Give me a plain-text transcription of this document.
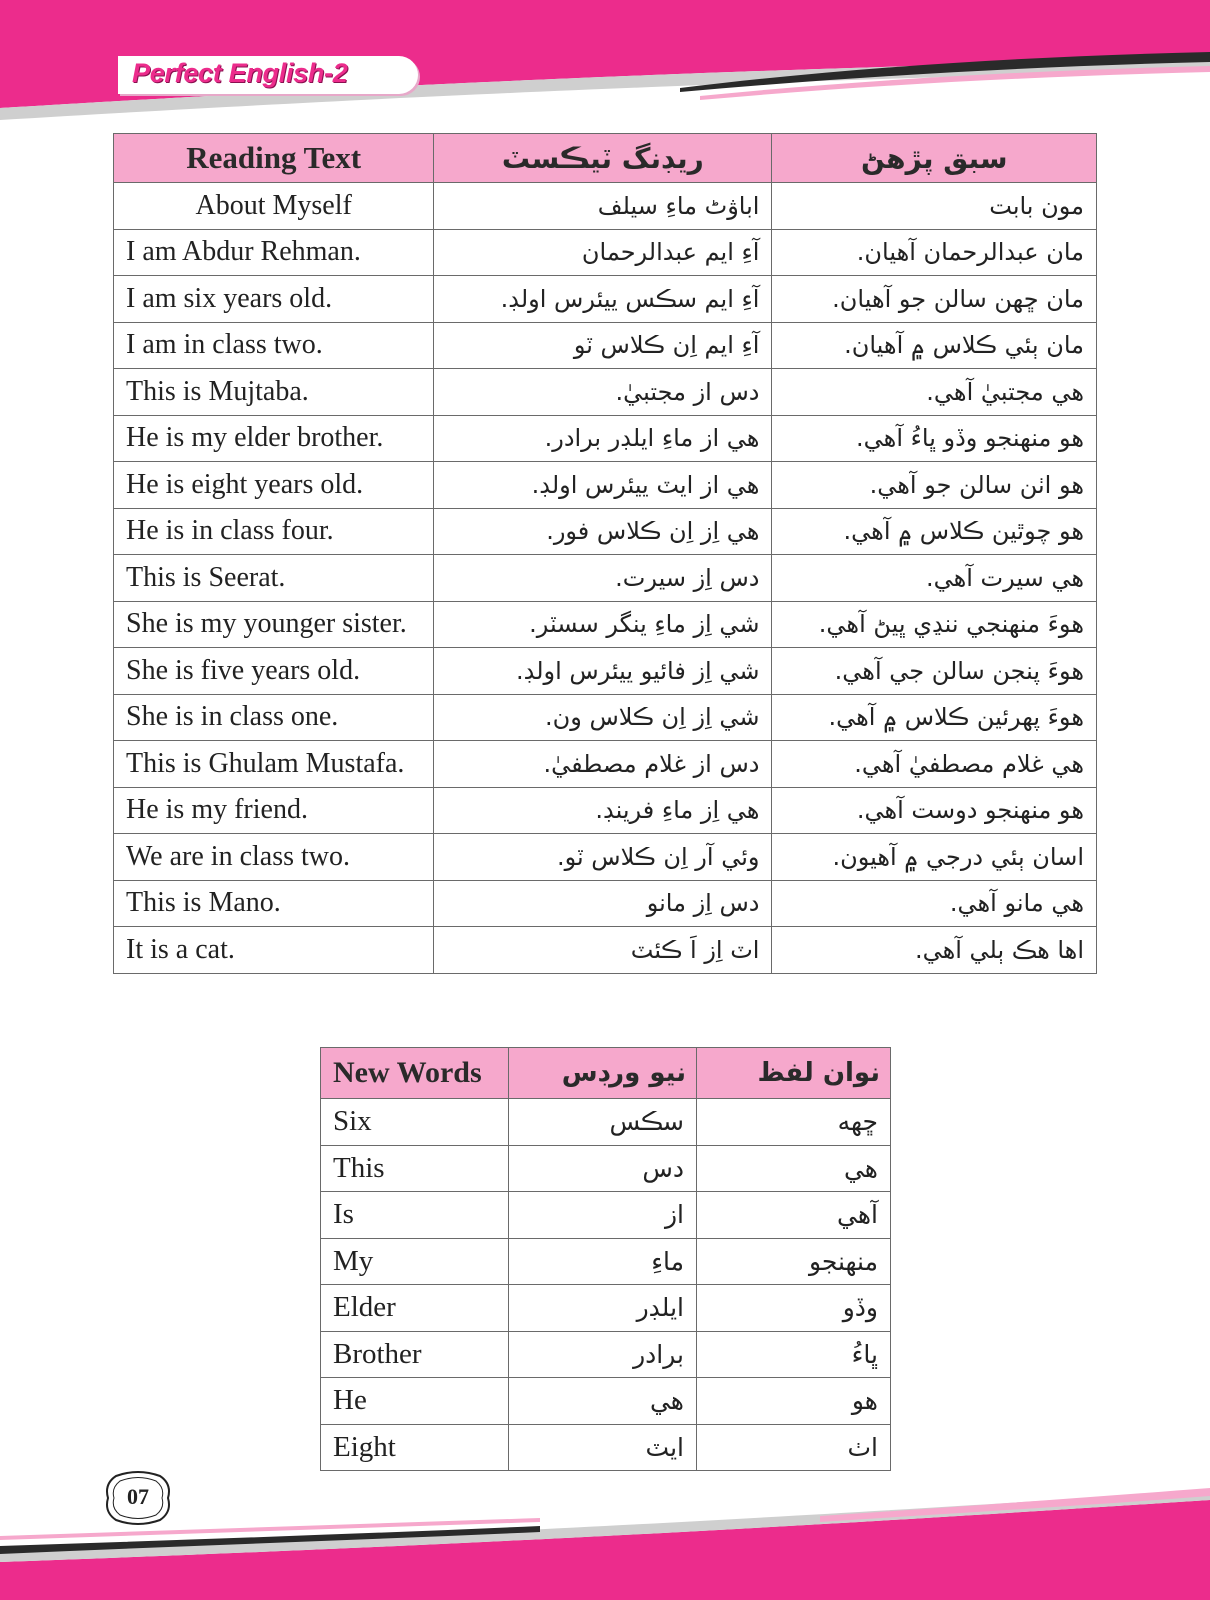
Perfect English-2
Reading Text	ريڊنگ ٽيڪسٽ	سبق پڙهڻ
About Myself	اباۋٹ ماءِ سيلف	مون بابت
I am Abdur Rehman.	آءِ ايم عبدالرحمان	مان عبدالرحمان آهيان.
I am six years old.	آءِ ايم سڪس ييئرس اولڊ.	مان ڇهن سالن جو آهيان.
I am in class two.	آءِ ايم اِن ڪلاس ٽو	مان ٻئي ڪلاس ۾ آهيان.
This is Mujtaba.	دس از مجتبيٰ.	هي مجتبيٰ آهي.
He is my elder brother.	هي از ماءِ ايلڊر برادر.	هو منهنجو وڏو ڀاءُ آهي.
He is eight years old.	هي از ايٽ ييئرس اولڊ.	هو اٺن سالن جو آهي.
He is in class four.	هي اِز اِن ڪلاس فور.	هو چوٿين ڪلاس ۾ آهي.
This is Seerat.	دس اِز سيرت.	هي سيرت آهي.
She is my younger sister.	شي اِز ماءِ ينگر سسٽر.	هوءَ منهنجي ننڍي ڀيڻ آهي.
She is five years old.	شي اِز فائيو ييئرس اولڊ.	هوءَ پنجن سالن جي آهي.
She is in class one.	شي اِز اِن ڪلاس ون.	هوءَ پهرئين ڪلاس ۾ آهي.
This is Ghulam Mustafa.	دس از غلام مصطفيٰ.	هي غلام مصطفيٰ آهي.
He is my friend.	هي اِز ماءِ فرينڊ.	هو منهنجو دوست آهي.
We are in class two.	وئي آر اِن ڪلاس ٽو.	اسان ٻئي درجي ۾ آهيون.
This is Mano.	دس اِز مانو	هي مانو آهي.
It is a cat.	اٽ اِز اَ ڪئٽ	اها هڪ ٻلي آهي.
New Words	نيو ورڊس	نوان لفظ
Six	سڪس	ڇهه
This	دس	هي
Is	از	آهي
My	ماءِ	منهنجو
Elder	ايلڊر	وڏو
Brother	برادر	ڀاءُ
He	هي	هو
Eight	ايٽ	اٺ
07
